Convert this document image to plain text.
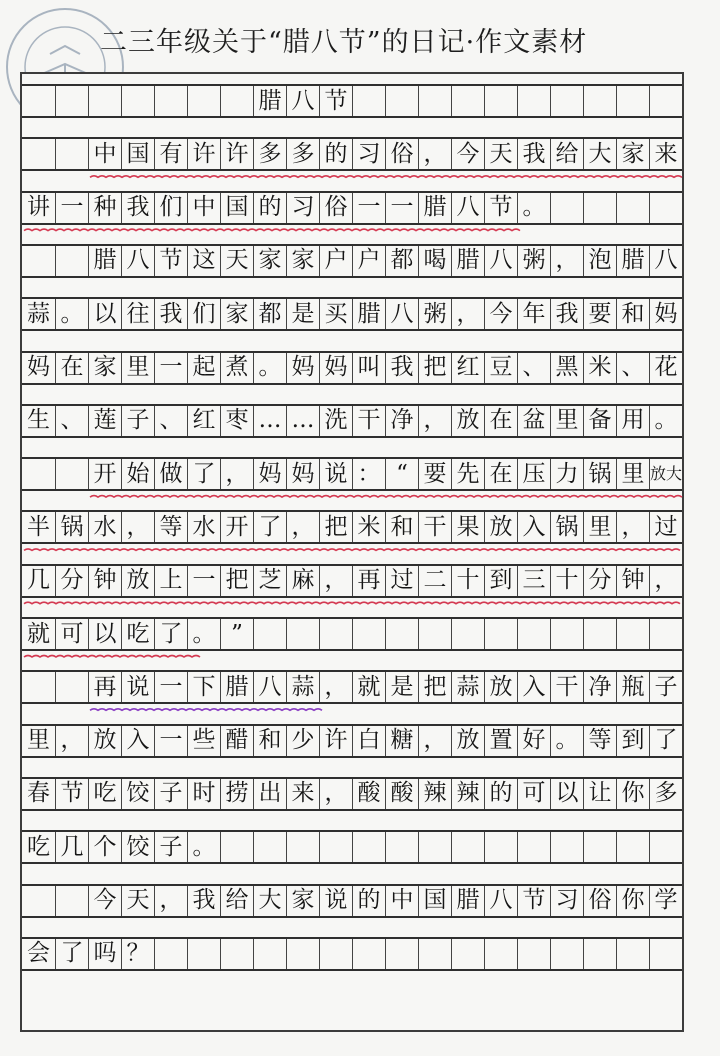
二三年级关于“腊八节”的日记·作文素材
腊 八 节
中 国 有 许 许 多 多 的 习 俗 ， 今 天 我 给 大 家 来
讲 一 种 我 们 中 国 的 习 俗 一 一 腊 八 节 。
腊 八 节 这 天 家 家 户 户 都 喝 腊 八 粥 ， 泡 腊 八
蒜 。 以 往 我 们 家 都 是 买 腊 八 粥 ， 今 年 我 要 和 妈
妈 在 家 里 一 起 煮 。 妈 妈 叫 我 把 红 豆 、 黑 米 、 花
生 、 莲 子 、 红 枣 … … 洗 干 净 ， 放 在 盆 里 备 用 。
开 始 做 了 ， 妈 妈 说 ： “ 要 先 在 压 力 锅 里 放大
半 锅 水 ， 等 水 开 了 ， 把 米 和 干 果 放 入 锅 里 ， 过
几 分 钟 放 上 一 把 芝 麻 ， 再 过 二 十 到 三 十 分 钟 ，
就 可 以 吃 了 。 ”
再 说 一 下 腊 八 蒜 ， 就 是 把 蒜 放 入 干 净 瓶 子
里 ， 放 入 一 些 醋 和 少 许 白 糖 ， 放 置 好 。 等 到 了
春 节 吃 饺 子 时 捞 出 来 ， 酸 酸 辣 辣 的 可 以 让 你 多
吃 几 个 饺 子 。
今 天 ， 我 给 大 家 说 的 中 国 腊 八 节 习 俗 你 学
会 了 吗 ？
